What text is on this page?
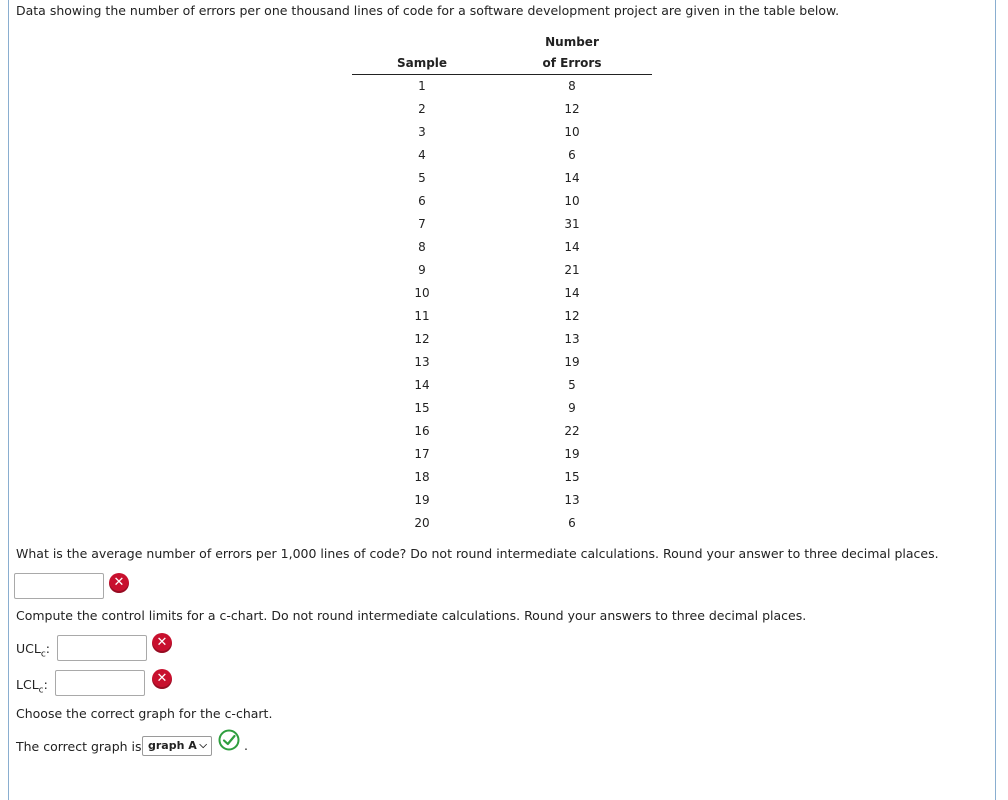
Data showing the number of errors per one thousand lines of code for a software development project are given in the table below.
	Number
Sample	of Errors
1	8
2	12
3	10
4	6
5	14
6	10
7	31
8	14
9	21
10	14
11	12
12	13
13	19
14	5
15	9
16	22
17	19
18	15
19	13
20	6
What is the average number of errors per 1,000 lines of code? Do not round intermediate calculations. Round your answer to three decimal places.
✕
Compute the control limits for a c-chart. Do not round intermediate calculations. Round your answers to three decimal places.
$UCL_c$:	✕
$LCL_c$:	✕
Choose the correct graph for the c-chart.
The correct graph is graph A ⌵	.
